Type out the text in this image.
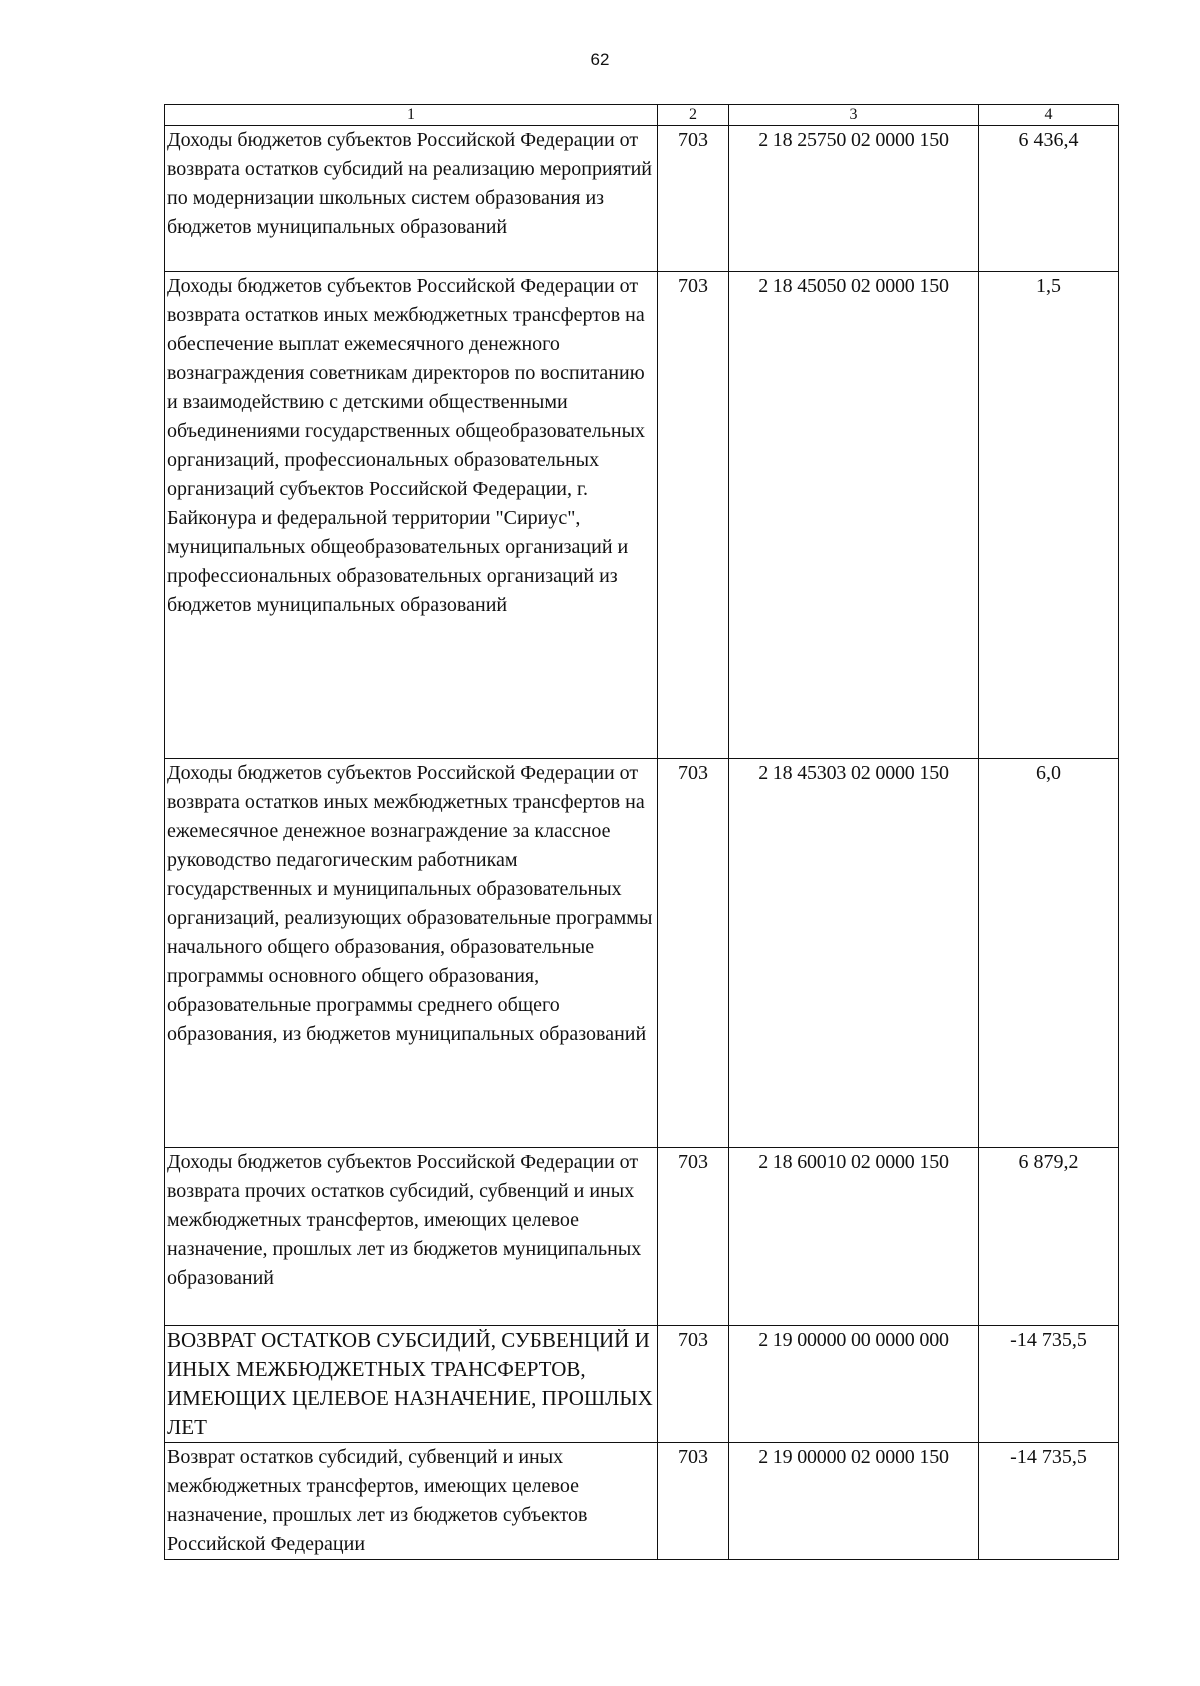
62
1	2	3	4
Доходы бюджетов субъектов Российской Федерации от возврата остатков субсидий на реализацию мероприятий по модернизации школьных систем образования из бюджетов муниципальных образований	703	2 18 25750 02 0000 150	6 436,4
Доходы бюджетов субъектов Российской Федерации от возврата остатков иных межбюджетных трансфертов на обеспечение выплат ежемесячного денежного вознаграждения советникам директоров по воспитанию и взаимодействию с детскими общественными объединениями государственных общеобразовательных организаций, профессиональных образовательных организаций субъектов Российской Федерации, г. Байконура и федеральной территории "Сириус", муниципальных общеобразовательных организаций и профессиональных образовательных организаций из бюджетов муниципальных образований	703	2 18 45050 02 0000 150	1,5
Доходы бюджетов субъектов Российской Федерации от возврата остатков иных межбюджетных трансфертов на ежемесячное денежное вознаграждение за классное руководство педагогическим работникам государственных и муниципальных образовательных организаций, реализующих образовательные программы начального общего образования, образовательные программы основного общего образования, образовательные программы среднего общего образования, из бюджетов муниципальных образований	703	2 18 45303 02 0000 150	6,0
Доходы бюджетов субъектов Российской Федерации от возврата прочих остатков субсидий, субвенций и иных межбюджетных трансфертов, имеющих целевое назначение, прошлых лет из бюджетов муниципальных образований	703	2 18 60010 02 0000 150	6 879,2
ВОЗВРАТ ОСТАТКОВ СУБСИДИЙ, СУБВЕНЦИЙ И ИНЫХ МЕЖБЮДЖЕТНЫХ ТРАНСФЕРТОВ, ИМЕЮЩИХ ЦЕЛЕВОЕ НАЗНАЧЕНИЕ, ПРОШЛЫХ ЛЕТ	703	2 19 00000 00 0000 000	-14 735,5
Возврат остатков субсидий, субвенций и иных межбюджетных трансфертов, имеющих целевое назначение, прошлых лет из бюджетов субъектов Российской Федерации	703	2 19 00000 02 0000 150	-14 735,5
